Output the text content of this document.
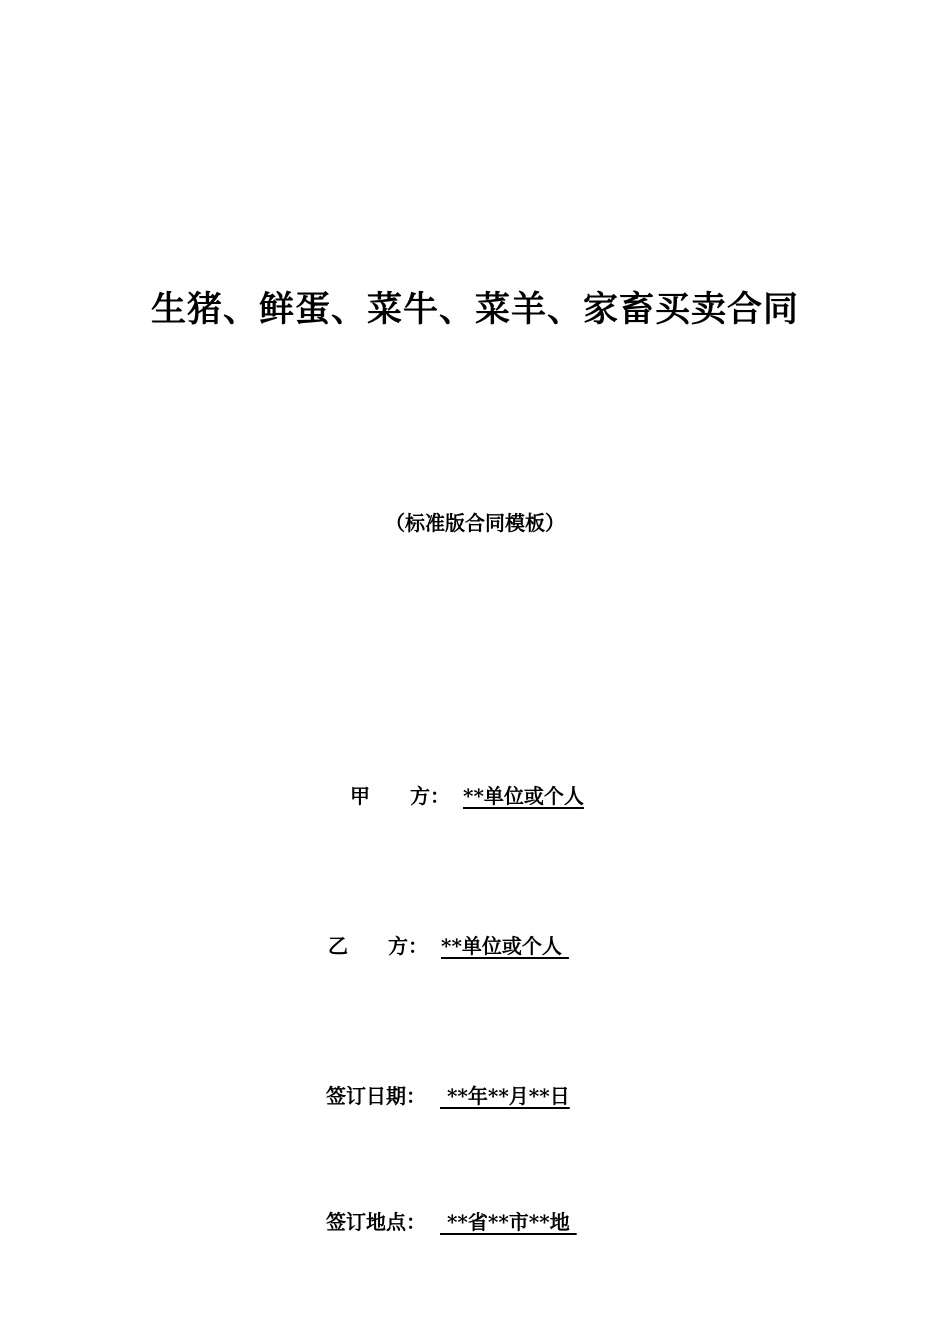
生猪、鲜蛋、菜牛、菜羊、家畜买卖合同
（标准版合同模板）
甲　　方： **单位或个人
乙　　方： **单位或个人
签订日期： **年**月**日
签订地点： **省**市**地
